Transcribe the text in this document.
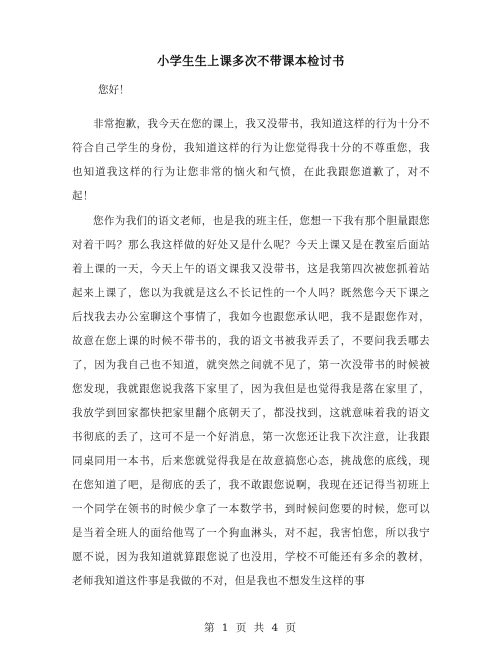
小学生生上课多次不带课本检讨书
您好！

非常抱歉，我今天在您的课上，我又没带书，我知道这样的行为十分不符合自己学生的身份，我知道这样的行为让您觉得我十分的不尊重您，我也知道我这样的行为让您非常的恼火和气愤，在此我跟您道歉了，对不起！

您作为我们的语文老师，也是我的班主任，您想一下我有那个胆量跟您对着干吗？那么我这样做的好处又是什么呢？今天上课又是在教室后面站着上课的一天，今天上午的语文课我又没带书，这是我第四次被您抓着站起来上课了，您以为我就是这么不长记性的一个人吗？既然您今天下课之后找我去办公室聊这个事情了，我如今也跟您承认吧，我不是跟您作对，故意在您上课的时候不带书的，我的语文书被我弄丢了，不要问我丢哪去了，因为我自己也不知道，就突然之间就不见了，第一次没带书的时候被您发现，我就跟您说我落下家里了，因为我但是也觉得我是落在家里了，我放学到回家都快把家里翻个底朝天了，都没找到，这就意味着我的语文书彻底的丢了，这可不是一个好消息，第一次您还让我下次注意，让我跟同桌同用一本书，后来您就觉得我是在故意搞您心态，挑战您的底线，现在您知道了吧，是彻底的丢了，我不敢跟您说啊，我现在还记得当初班上一个同学在领书的时候少拿了一本数学书，到时候问您要的时候，您可以是当着全班人的面给他骂了一个狗血淋头，对不起，我害怕您，所以我宁愿不说，因为我知道就算跟您说了也没用，学校不可能还有多余的教材，老师我知道这件事是我做的不对，但是我也不想发生这样的事

第 1 页 共 4 页
